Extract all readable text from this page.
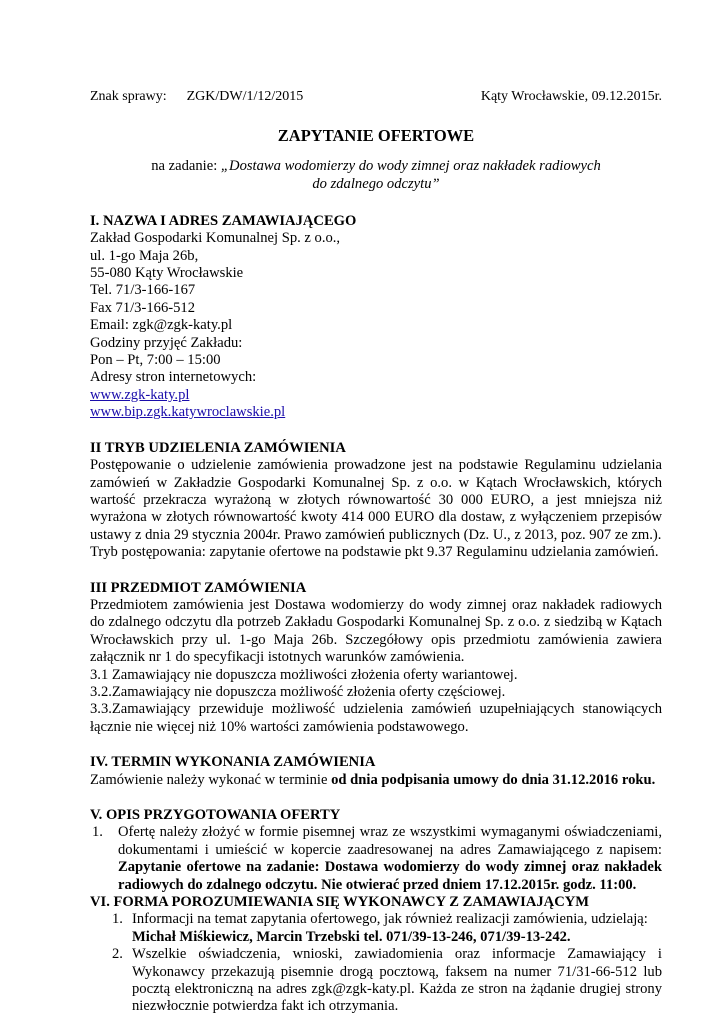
Znak sprawy: ZGK/DW/1/12/2015	Kąty Wrocławskie, 09.12.2015r.
ZAPYTANIE OFERTOWE
na zadanie: „Dostawa wodomierzy do wody zimnej oraz nakładek radiowych
do zdalnego odczytu”
I. NAZWA I ADRES ZAMAWIAJĄCEGO
Zakład Gospodarki Komunalnej Sp. z o.o.,
ul. 1-go Maja 26b,
55-080 Kąty Wrocławskie
Tel. 71/3-166-167
Fax 71/3-166-512
Email: zgk@zgk-katy.pl
Godziny przyjęć Zakładu:
Pon – Pt, 7:00 – 15:00
Adresy stron internetowych:
www.zgk-katy.pl
www.bip.zgk.katywroclawskie.pl
II TRYB UDZIELENIA ZAMÓWIENIA

Postępowanie o udzielenie zamówienia prowadzone jest na podstawie Regulaminu udzielania zamówień w Zakładzie Gospodarki Komunalnej Sp. z o.o. w Kątach Wrocławskich, których wartość przekracza wyrażoną w złotych równowartość 30 000 EURO, a jest mniejsza niż wyrażona w złotych równowartość kwoty 414 000 EURO dla dostaw, z wyłączeniem przepisów ustawy z dnia 29 stycznia 2004r. Prawo zamówień publicznych (Dz. U., z 2013, poz. 907 ze zm.).

Tryb postępowania: zapytanie ofertowe na podstawie pkt 9.37 Regulaminu udzielania zamówień.

III PRZEDMIOT ZAMÓWIENIA

Przedmiotem zamówienia jest Dostawa wodomierzy do wody zimnej oraz nakładek radiowych do zdalnego odczytu dla potrzeb Zakładu Gospodarki Komunalnej Sp. z o.o. z siedzibą w Kątach Wrocławskich przy ul. 1-go Maja 26b. Szczegółowy opis przedmiotu zamówienia zawiera załącznik nr 1 do specyfikacji istotnych warunków zamówienia.

3.1 Zamawiający nie dopuszcza możliwości złożenia oferty wariantowej.

3.2.Zamawiający nie dopuszcza możliwość złożenia oferty częściowej.

3.3.Zamawiający przewiduje możliwość udzielenia zamówień uzupełniających stanowiących łącznie nie więcej niż 10% wartości zamówienia podstawowego.

IV. TERMIN WYKONANIA ZAMÓWIENIA

Zamówienie należy wykonać w terminie od dnia podpisania umowy do dnia 31.12.2016 roku.

V. OPIS PRZYGOTOWANIA OFERTY
1. Ofertę należy złożyć w formie pisemnej wraz ze wszystkimi wymaganymi oświadczeniami, dokumentami i umieścić w kopercie zaadresowanej na adres Zamawiającego z napisem: Zapytanie ofertowe na zadanie: Dostawa wodomierzy do wody zimnej oraz nakładek radiowych do zdalnego odczytu. Nie otwierać przed dniem 17.12.2015r. godz. 11:00.
VI. FORMA POROZUMIEWANIA SIĘ WYKONAWCY Z ZAMAWIAJĄCYM
1. Informacji na temat zapytania ofertowego, jak również realizacji zamówienia, udzielają:
Michał Miśkiewicz, Marcin Trzebski tel. 071/39-13-246, 071/39-13-242.
2. Wszelkie oświadczenia, wnioski, zawiadomienia oraz informacje Zamawiający i Wykonawcy przekazują pisemnie drogą pocztową, faksem na numer 71/31-66-512 lub pocztą elektroniczną na adres zgk@zgk-katy.pl. Każda ze stron na żądanie drugiej strony niezwłocznie potwierdza fakt ich otrzymania.
